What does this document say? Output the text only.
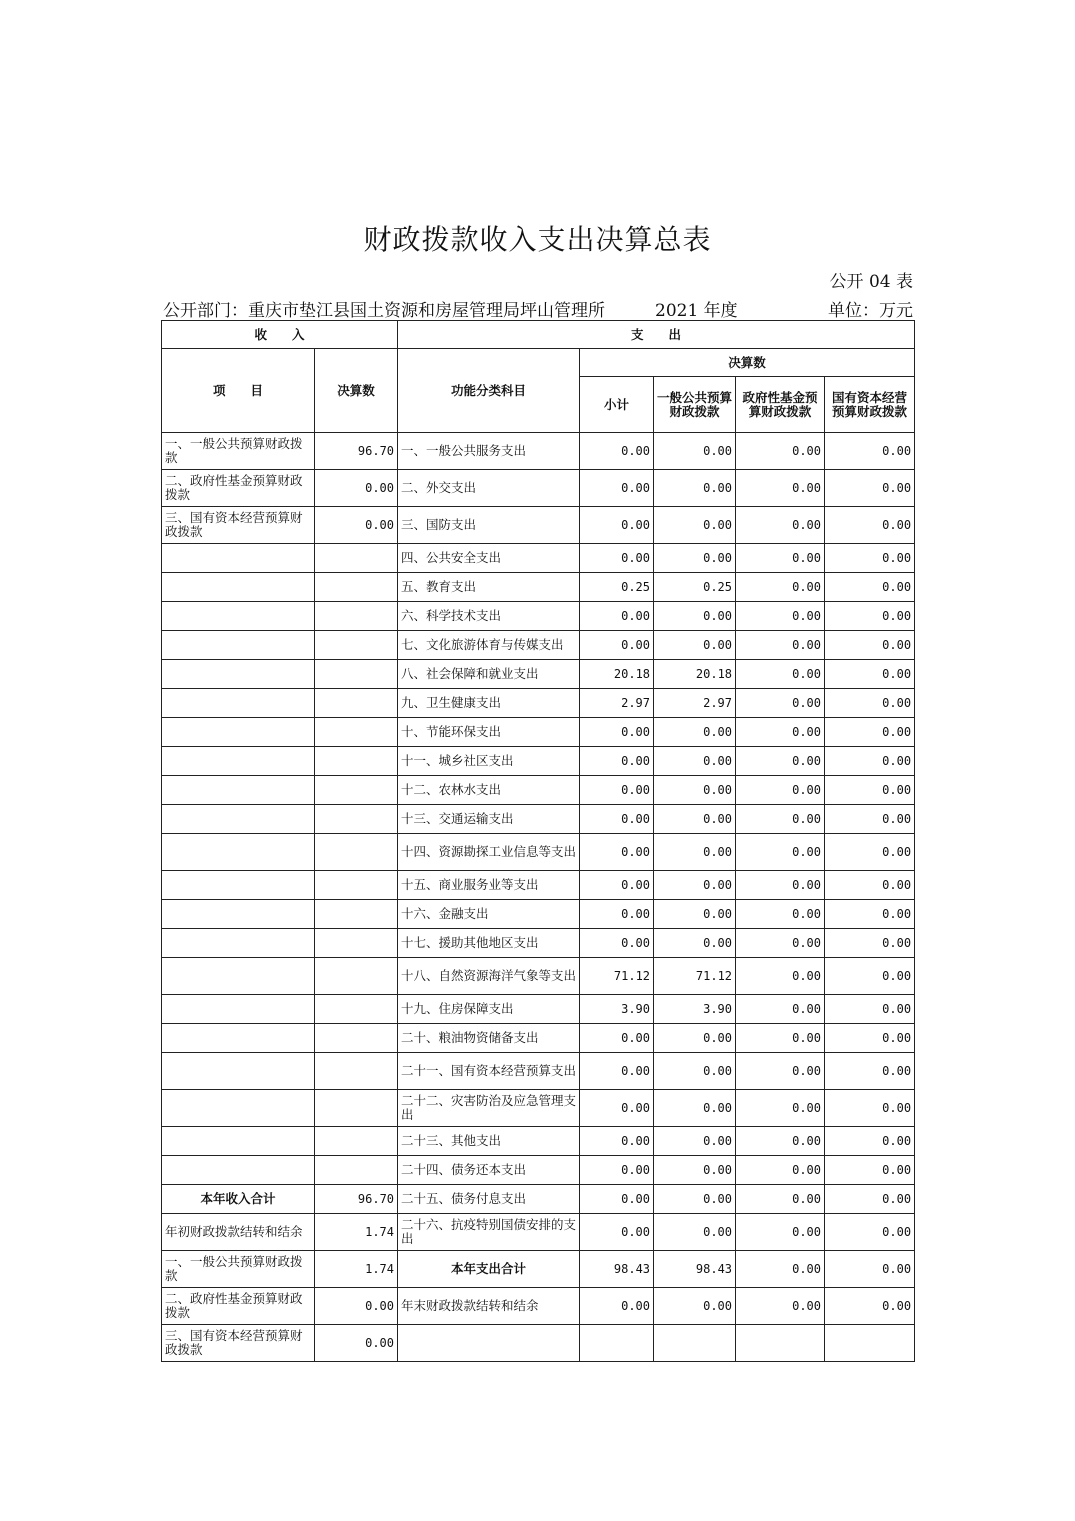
财政拨款收入支出决算总表
公开 04 表
公开部门：重庆市垫江县国土资源和房屋管理局坪山管理所	2021 年度	单位：万元
收　　入		支　　出				
项　　目	决算数	功能分类科目	决算数			
			小计	一般公共预算财政拨款	政府性基金预算财政拨款	国有资本经营预算财政拨款
一、一般公共预算财政拨款	96.70	一、一般公共服务支出	0.00	0.00	0.00	0.00
二、政府性基金预算财政拨款	0.00	二、外交支出	0.00	0.00	0.00	0.00
三、国有资本经营预算财政拨款	0.00	三、国防支出	0.00	0.00	0.00	0.00
		四、公共安全支出	0.00	0.00	0.00	0.00
		五、教育支出	0.25	0.25	0.00	0.00
		六、科学技术支出	0.00	0.00	0.00	0.00
		七、文化旅游体育与传媒支出	0.00	0.00	0.00	0.00
		八、社会保障和就业支出	20.18	20.18	0.00	0.00
		九、卫生健康支出	2.97	2.97	0.00	0.00
		十、节能环保支出	0.00	0.00	0.00	0.00
		十一、城乡社区支出	0.00	0.00	0.00	0.00
		十二、农林水支出	0.00	0.00	0.00	0.00
		十三、交通运输支出	0.00	0.00	0.00	0.00
		十四、资源勘探工业信息等支出	0.00	0.00	0.00	0.00
		十五、商业服务业等支出	0.00	0.00	0.00	0.00
		十六、金融支出	0.00	0.00	0.00	0.00
		十七、援助其他地区支出	0.00	0.00	0.00	0.00
		十八、自然资源海洋气象等支出	71.12	71.12	0.00	0.00
		十九、住房保障支出	3.90	3.90	0.00	0.00
		二十、粮油物资储备支出	0.00	0.00	0.00	0.00
		二十一、国有资本经营预算支出	0.00	0.00	0.00	0.00
		二十二、灾害防治及应急管理支出	0.00	0.00	0.00	0.00
		二十三、其他支出	0.00	0.00	0.00	0.00
		二十四、债务还本支出	0.00	0.00	0.00	0.00
本年收入合计	96.70	二十五、债务付息支出	0.00	0.00	0.00	0.00
年初财政拨款结转和结余	1.74	二十六、抗疫特别国债安排的支出	0.00	0.00	0.00	0.00
一、一般公共预算财政拨款	1.74	本年支出合计	98.43	98.43	0.00	0.00
二、政府性基金预算财政拨款	0.00	年末财政拨款结转和结余	0.00	0.00	0.00	0.00
三、国有资本经营预算财政拨款	0.00					
